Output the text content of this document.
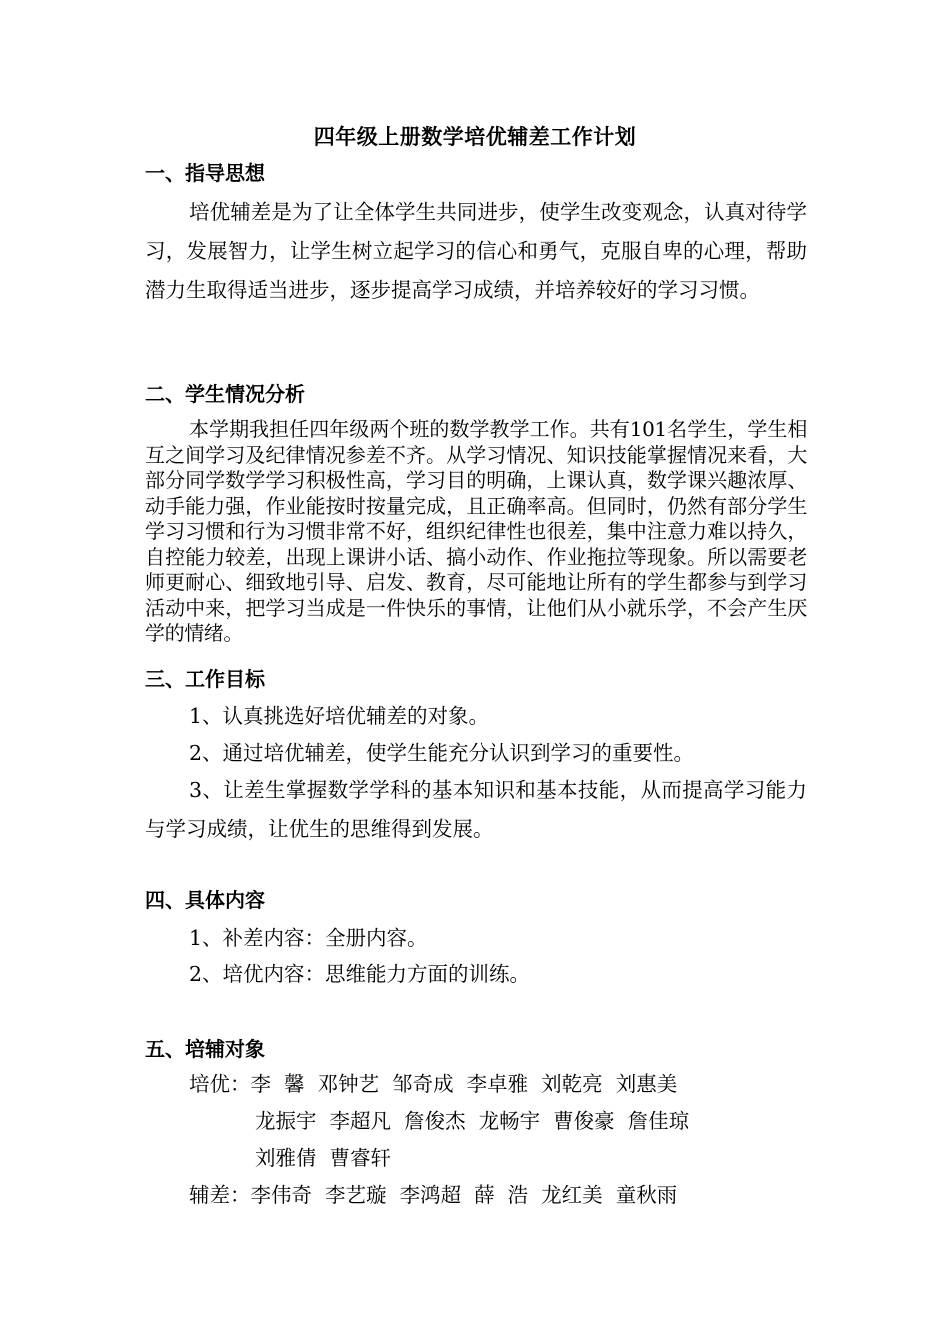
四年级上册数学培优辅差工作计划
一、指导思想
培优辅差是为了让全体学生共同进步，使学生改变观念，认真对待学习，发展智力，让学生树立起学习的信心和勇气，克服自卑的心理，帮助潜力生取得适当进步，逐步提高学习成绩，并培养较好的学习习惯。
二、学生情况分析
本学期我担任四年级两个班的数学教学工作。共有101名学生，学生相互之间学习及纪律情况参差不齐。从学习情况、知识技能掌握情况来看，大部分同学数学学习积极性高，学习目的明确，上课认真，数学课兴趣浓厚、动手能力强，作业能按时按量完成，且正确率高。但同时，仍然有部分学生学习习惯和行为习惯非常不好，组织纪律性也很差，集中注意力难以持久，自控能力较差，出现上课讲小话、搞小动作、作业拖拉等现象。所以需要老师更耐心、细致地引导、启发、教育，尽可能地让所有的学生都参与到学习活动中来，把学习当成是一件快乐的事情，让他们从小就乐学，不会产生厌学的情绪。
三、工作目标
1、认真挑选好培优辅差的对象。
2、通过培优辅差，使学生能充分认识到学习的重要性。
3、让差生掌握数学学科的基本知识和基本技能，从而提高学习能力与学习成绩，让优生的思维得到发展。
四、具体内容
1、补差内容：全册内容。
2、培优内容：思维能力方面的训练。
五、培辅对象
培优：李  馨  邓钟艺  邹奇成  李卓雅  刘乾亮  刘惠美
龙振宇  李超凡  詹俊杰  龙畅宇  曹俊豪  詹佳琼
刘雅倩  曹睿轩
辅差：李伟奇  李艺璇  李鸿超  薛  浩  龙红美  童秋雨
